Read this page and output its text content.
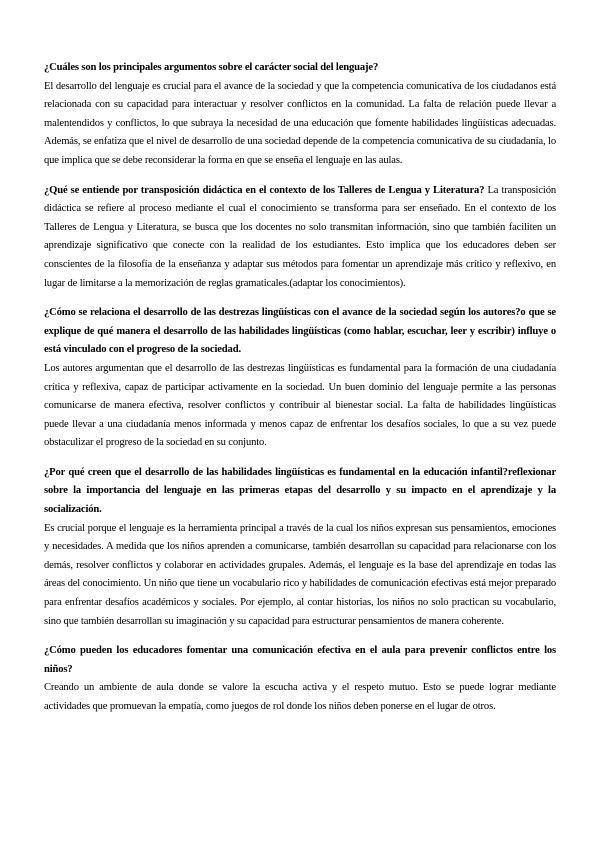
¿Cuáles son los principales argumentos sobre el carácter social del lenguaje?

El desarrollo del lenguaje es crucial para el avance de la sociedad y que la competencia comunicativa de los ciudadanos está relacionada con su capacidad para interactuar y resolver conflictos en la comunidad. La falta de relación puede llevar a malentendidos y conflictos, lo que subraya la necesidad de una educación que fomente habilidades lingüísticas adecuadas. Además, se enfatiza que el nivel de desarrollo de una sociedad depende de la competencia comunicativa de su ciudadanía, lo que implica que se debe reconsiderar la forma en que se enseña el lenguaje en las aulas.

¿Qué se entiende por transposición didáctica en el contexto de los Talleres de Lengua y Literatura? La transposición didáctica se refiere al proceso mediante el cual el conocimiento se transforma para ser enseñado. En el contexto de los Talleres de Lengua y Literatura, se busca que los docentes no solo transmitan información, sino que también faciliten un aprendizaje significativo que conecte con la realidad de los estudiantes. Esto implica que los educadores deben ser conscientes de la filosofía de la enseñanza y adaptar sus métodos para fomentar un aprendizaje más crítico y reflexivo, en lugar de limitarse a la memorización de reglas gramaticales.(adaptar los conocimientos).

¿Cómo se relaciona el desarrollo de las destrezas lingüísticas con el avance de la sociedad según los autores?o que se explique de qué manera el desarrollo de las habilidades lingüísticas (como hablar, escuchar, leer y escribir) influye o está vinculado con el progreso de la sociedad.

Los autores argumentan que el desarrollo de las destrezas lingüísticas es fundamental para la formación de una ciudadanía crítica y reflexiva, capaz de participar activamente en la sociedad. Un buen dominio del lenguaje permite a las personas comunicarse de manera efectiva, resolver conflictos y contribuir al bienestar social. La falta de habilidades lingüísticas puede llevar a una ciudadanía menos informada y menos capaz de enfrentar los desafíos sociales, lo que a su vez puede obstaculizar el progreso de la sociedad en su conjunto.

¿Por qué creen que el desarrollo de las habilidades lingüísticas es fundamental en la educación infantil?reflexionar sobre la importancia del lenguaje en las primeras etapas del desarrollo y su impacto en el aprendizaje y la socialización.

Es crucial porque el lenguaje es la herramienta principal a través de la cual los niños expresan sus pensamientos, emociones y necesidades. A medida que los niños aprenden a comunicarse, también desarrollan su capacidad para relacionarse con los demás, resolver conflictos y colaborar en actividades grupales. Además, el lenguaje es la base del aprendizaje en todas las áreas del conocimiento. Un niño que tiene un vocabulario rico y habilidades de comunicación efectivas está mejor preparado para enfrentar desafíos académicos y sociales. Por ejemplo, al contar historias, los niños no solo practican su vocabulario, sino que también desarrollan su imaginación y su capacidad para estructurar pensamientos de manera coherente.

¿Cómo pueden los educadores fomentar una comunicación efectiva en el aula para prevenir conflictos entre los niños?

Creando un ambiente de aula donde se valore la escucha activa y el respeto mutuo. Esto se puede lograr mediante actividades que promuevan la empatía, como juegos de rol donde los niños deben ponerse en el lugar de otros.
